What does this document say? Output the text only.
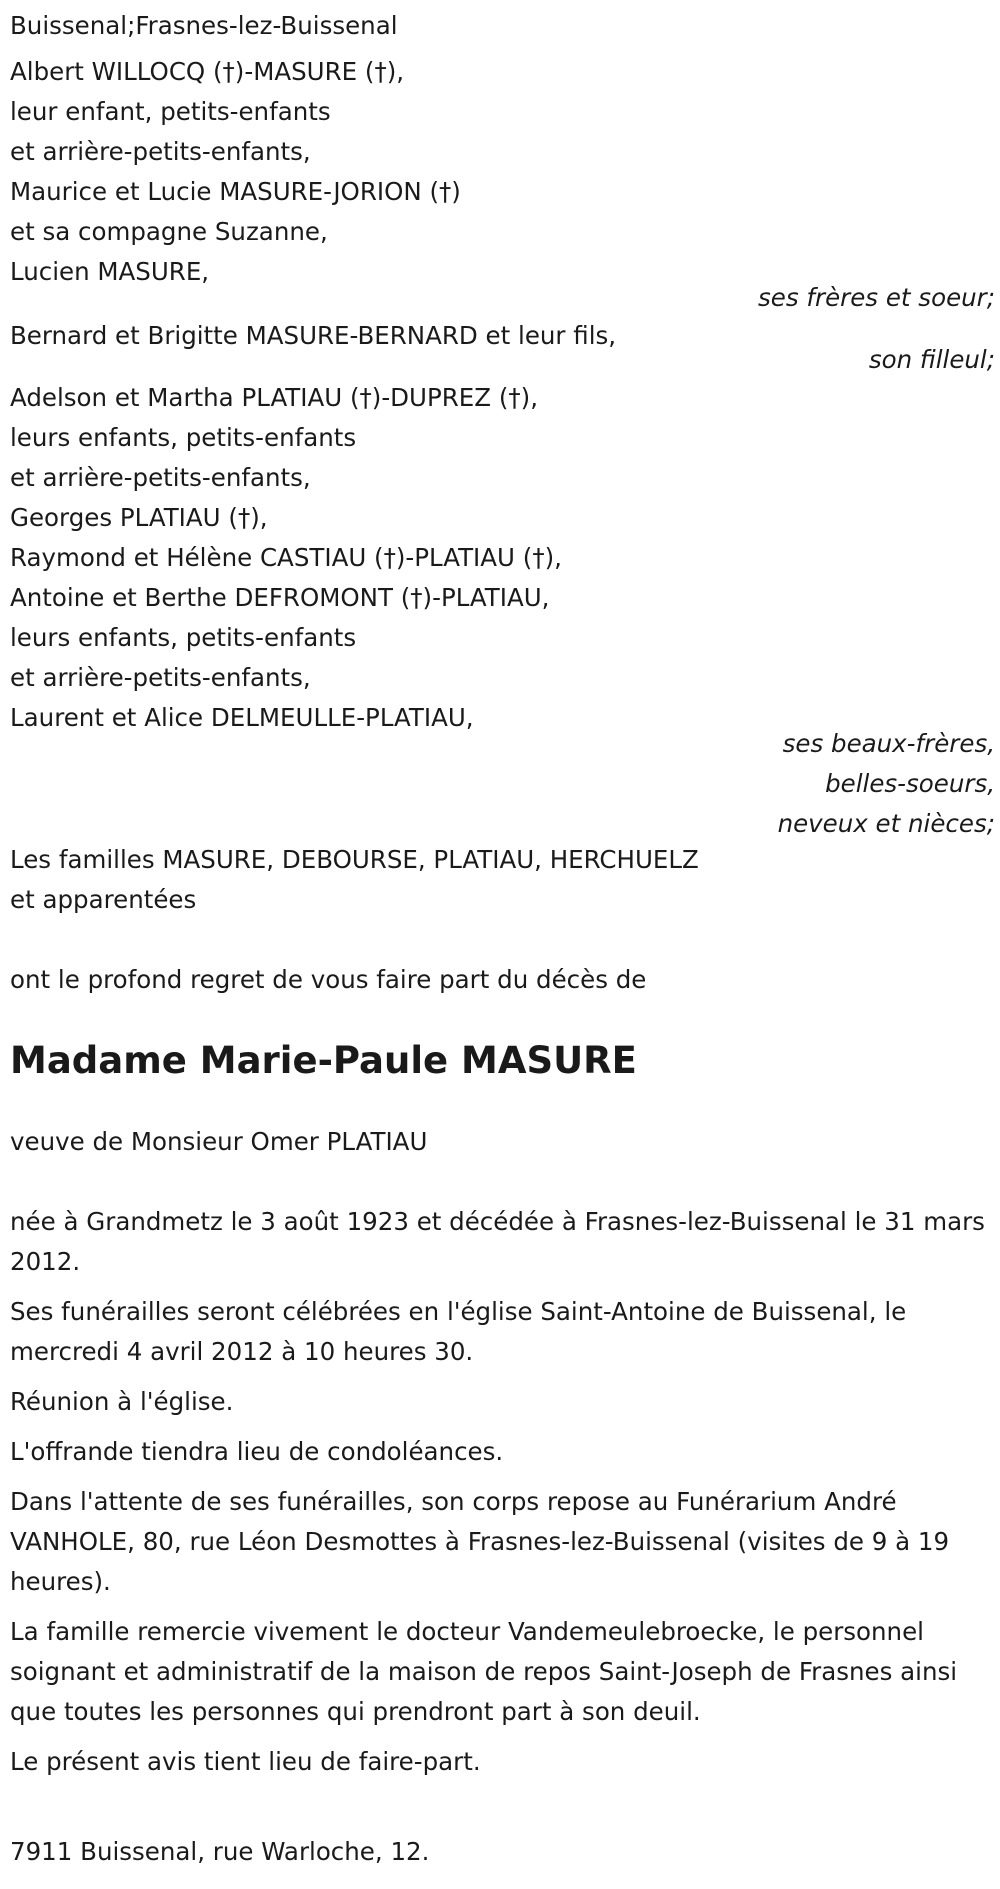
Buissenal;Frasnes-lez-Buissenal
Albert WILLOCQ (†)-MASURE (†),
leur enfant, petits-enfants
et arrière-petits-enfants,
Maurice et Lucie MASURE-JORION (†)
et sa compagne Suzanne,
Lucien MASURE,
ses frères et soeur;
Bernard et Brigitte MASURE-BERNARD et leur fils,
son filleul;
Adelson et Martha PLATIAU (†)-DUPREZ (†),
leurs enfants, petits-enfants
et arrière-petits-enfants,
Georges PLATIAU (†),
Raymond et Hélène CASTIAU (†)-PLATIAU (†),
Antoine et Berthe DEFROMONT (†)-PLATIAU,
leurs enfants, petits-enfants
et arrière-petits-enfants,
Laurent et Alice DELMEULLE-PLATIAU,
ses beaux-frères,
belles-soeurs,
neveux et nièces;
Les familles MASURE, DEBOURSE, PLATIAU, HERCHUELZ
et apparentées
ont le profond regret de vous faire part du décès de
Madame Marie-Paule MASURE
veuve de Monsieur Omer PLATIAU

née à Grandmetz le 3 août 1923 et décédée à Frasnes-lez-Buissenal le 31 mars 2012.

Ses funérailles seront célébrées en l'église Saint-Antoine de Buissenal, le mercredi 4 avril 2012 à 10 heures 30.

Réunion à l'église.

L'offrande tiendra lieu de condoléances.

Dans l'attente de ses funérailles, son corps repose au Funérarium André VANHOLE, 80, rue Léon Desmottes à Frasnes-lez-Buissenal (visites de 9 à 19 heures).

La famille remercie vivement le docteur Vandemeulebroecke, le personnel soignant et administratif de la maison de repos Saint-Joseph de Frasnes ainsi que toutes les personnes qui prendront part à son deuil.

Le présent avis tient lieu de faire-part.

7911 Buissenal, rue Warloche, 12.
